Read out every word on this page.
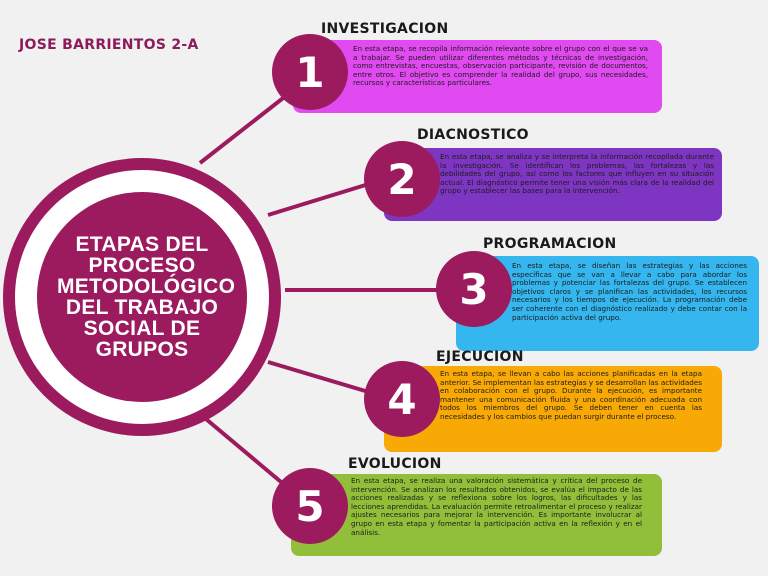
JOSE BARRIENTOS 2-A
ETAPAS DEL PROCESO METODOLÓGICO DEL TRABAJO SOCIAL DE GRUPOS
INVESTIGACION
En esta etapa, se recopila información relevante sobre el grupo con el que se va a trabajar. Se pueden utilizar diferentes métodos y técnicas de investigación, como entrevistas, encuestas, observación participante, revisión de documentos, entre otros. El objetivo es comprender la realidad del grupo, sus necesidades, recursos y características particulares.
1
DIACNOSTICO
En esta etapa, se analiza y se interpreta la información recopilada durante la investigación. Se identifican los problemas, las fortalezas y las debilidades del grupo, así como los factores que influyen en su situación actual. El diagnóstico permite tener una visión más clara de la realidad del grupo y establecer las bases para la intervención.
2
PROGRAMACION
En esta etapa, se diseñan las estrategias y las acciones específicas que se van a llevar a cabo para abordar los problemas y potenciar las fortalezas del grupo. Se establecen objetivos claros y se planifican las actividades, los recursos necesarios y los tiempos de ejecución. La programación debe ser coherente con el diagnóstico realizado y debe contar con la participación activa del grupo.
3
EJECUCION
En esta etapa, se llevan a cabo las acciones planificadas en la etapa anterior. Se implementan las estrategias y se desarrollan las actividades en colaboración con el grupo. Durante la ejecución, es importante mantener una comunicación fluida y una coordinación adecuada con todos los miembros del grupo. Se deben tener en cuenta las necesidades y los cambios que puedan surgir durante el proceso.
4
EVOLUCION
En esta etapa, se realiza una valoración sistemática y crítica del proceso de intervención. Se analizan los resultados obtenidos, se evalúa el impacto de las acciones realizadas y se reflexiona sobre los logros, las dificultades y las lecciones aprendidas. La evaluación permite retroalimentar el proceso y realizar ajustes necesarios para mejorar la intervención. Es importante involucrar al grupo en esta etapa y fomentar la participación activa en la reflexión y en el análisis.
5
